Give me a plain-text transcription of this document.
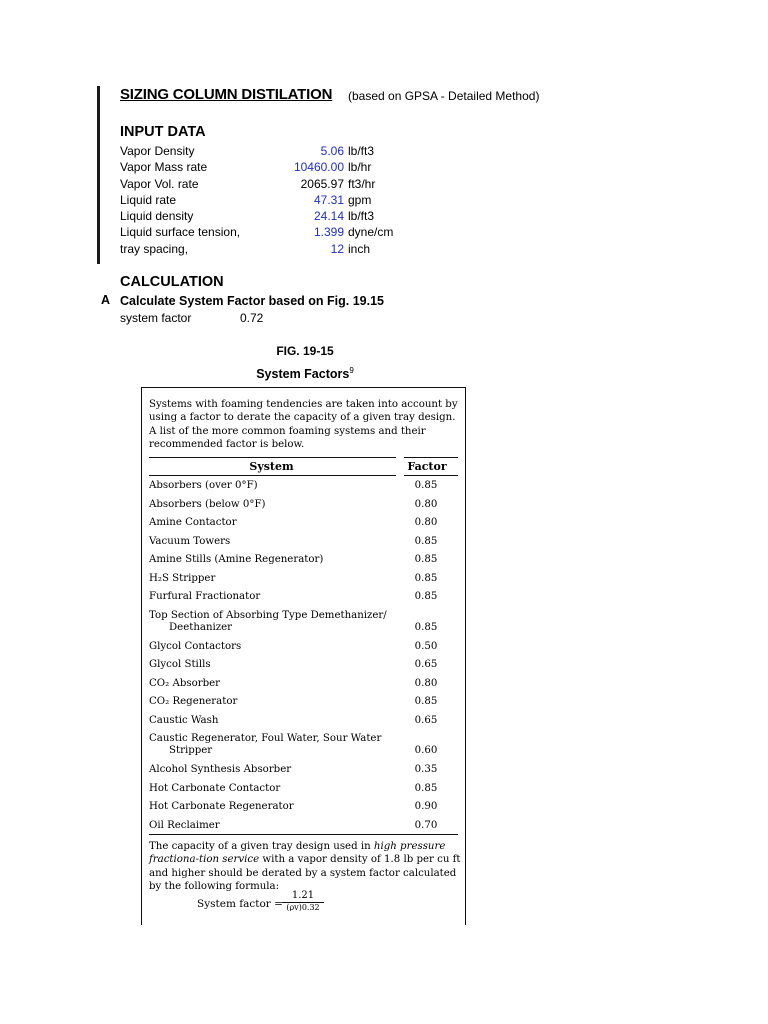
SIZING COLUMN DISTILATION (based on GPSA - Detailed Method)
INPUT DATA
Vapor Density	5.06 lb/ft3
Vapor Mass rate	10460.00 lb/hr
Vapor Vol. rate	2065.97 ft3/hr
Liquid rate	47.31 gpm
Liquid density	24.14 lb/ft3
Liquid surface tension,	1.399 dyne/cm
tray spacing,	12 inch
CALCULATION
A Calculate System Factor based on Fig. 19.15
system factor	0.72
FIG. 19-15
System Factors$^9$
Systems with foaming tendencies are taken into account by using a factor to derate the capacity of a given tray design. A list of the more common foaming systems and their recommended factor is below.
System	Factor
Absorbers (over 0°F)	0.85
Absorbers (below 0°F)	0.80
Amine Contactor	0.80
Vacuum Towers	0.85
Amine Stills (Amine Regenerator)	0.85
H₂S Stripper	0.85
Furfural Fractionator	0.85
Top Section of Absorbing Type Demethanizer/
Deethanizer	0.85
Glycol Contactors	0.50
Glycol Stills	0.65
CO₂ Absorber	0.80
CO₂ Regenerator	0.85
Caustic Wash	0.65
Caustic Regenerator, Foul Water, Sour Water
Stripper	0.60
Alcohol Synthesis Absorber	0.35
Hot Carbonate Contactor	0.85
Hot Carbonate Regenerator	0.90
Oil Reclaimer	0.70
The capacity of a given tray design used in high pressure fractiona-tion service with a vapor density of 1.8 lb per cu ft and higher should be derated by a system factor calculated by the following formula:
System factor =
1.21
(ρv)0.32
